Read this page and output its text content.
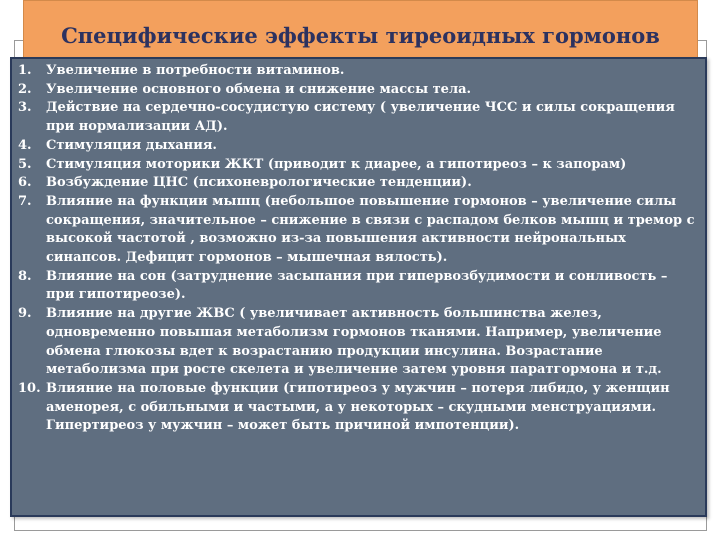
Специфические эффекты тиреоидных гормонов
1.	Увеличение в потребности витаминов.
2.	Увеличение основного обмена и снижение массы тела.
3.	Действие на сердечно-сосудистую систему ( увеличение ЧСС и силы сокращения при нормализации АД).
4.	Стимуляция дыхания.
5.	Стимуляция моторики ЖКТ (приводит к диарее, а гипотиреоз – к запорам)
6.	Возбуждение ЦНС (психоневрологические тенденции).
7.	Влияние на функции мышц (небольшое повышение гормонов – увеличение силы сокращения, значительное – снижение в связи с распадом белков мышц и тремор с высокой частотой , возможно из-за повышения активности нейрональных синапсов. Дефицит гормонов – мышечная вялость).
8.	Влияние на сон (затруднение засыпания при гипервозбудимости и сонливость – при гипотиреозе).
9.	Влияние на другие ЖВС ( увеличивает активность большинства желез, одновременно повышая метаболизм гормонов тканями. Например, увеличение обмена глюкозы вдет к возрастанию продукции инсулина. Возрастание метаболизма при росте скелета и увеличение затем уровня паратгормона и т.д.
10. Влияние на половые функции (гипотиреоз у мужчин – потеря либидо, у женщин аменорея, с обильными и частыми, а у некоторых – скудными менструациями. Гипертиреоз у мужчин – может быть причиной импотенции).
